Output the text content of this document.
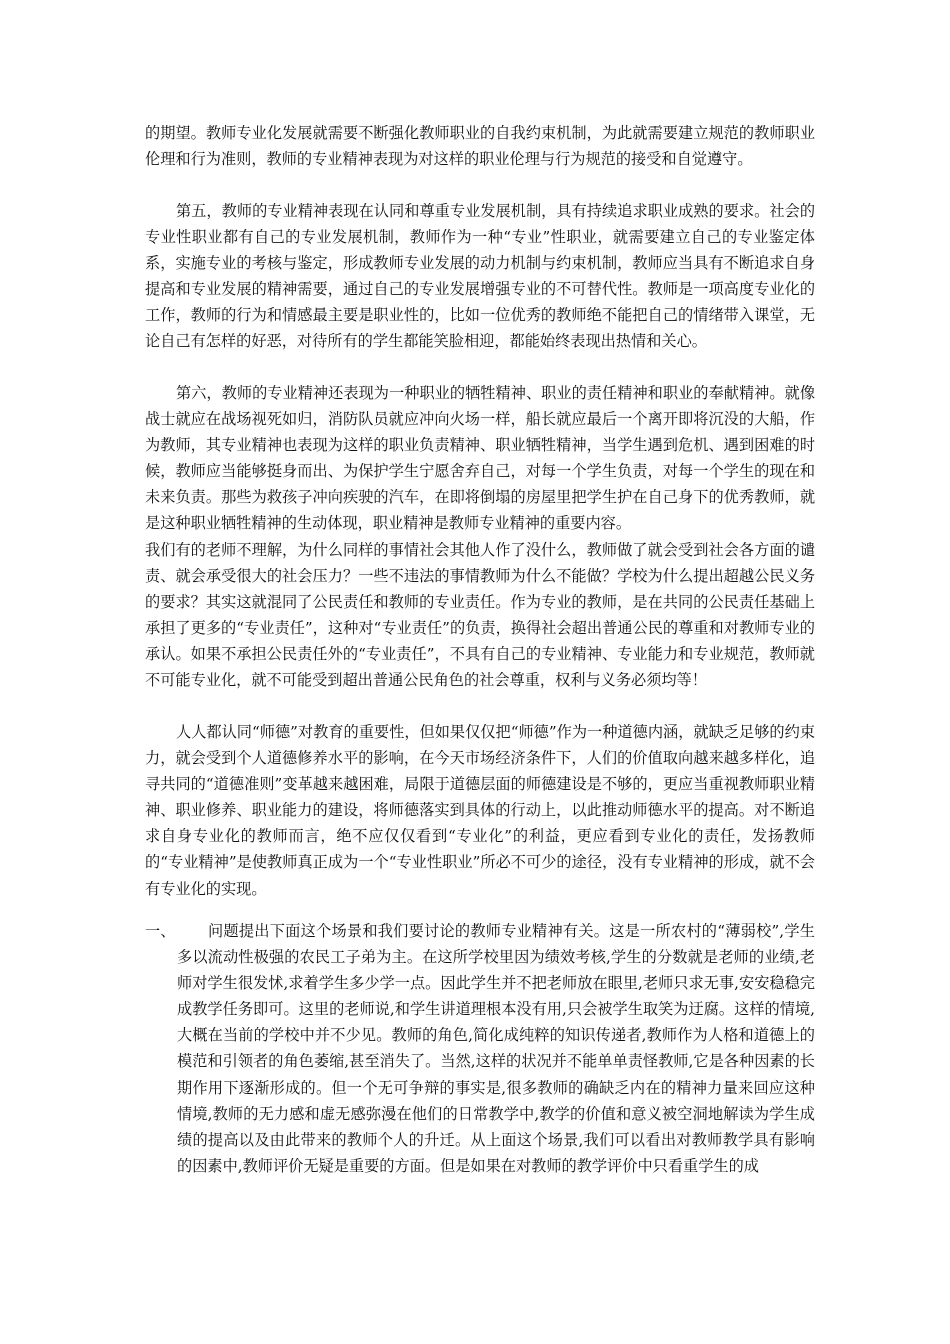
的期望。教师专业化发展就需要不断强化教师职业的自我约束机制，为此就需要建立规范的教师职业伦理和行为准则，教师的专业精神表现为对这样的职业伦理与行为规范的接受和自觉遵守。

第五，教师的专业精神表现在认同和尊重专业发展机制，具有持续追求职业成熟的要求。社会的专业性职业都有自己的专业发展机制，教师作为一种“专业”性职业，就需要建立自己的专业鉴定体系，实施专业的考核与鉴定，形成教师专业发展的动力机制与约束机制，教师应当具有不断追求自身提高和专业发展的精神需要，通过自己的专业发展增强专业的不可替代性。教师是一项高度专业化的工作，教师的行为和情感最主要是职业性的，比如一位优秀的教师绝不能把自己的情绪带入课堂，无论自己有怎样的好恶，对待所有的学生都能笑脸相迎，都能始终表现出热情和关心。

第六，教师的专业精神还表现为一种职业的牺牲精神、职业的责任精神和职业的奉献精神。就像战士就应在战场视死如归，消防队员就应冲向火场一样，船长就应最后一个离开即将沉没的大船，作为教师，其专业精神也表现为这样的职业负责精神、职业牺牲精神，当学生遇到危机、遇到困难的时候，教师应当能够挺身而出、为保护学生宁愿舍弃自己，对每一个学生负责，对每一个学生的现在和未来负责。那些为救孩子冲向疾驶的汽车，在即将倒塌的房屋里把学生护在自己身下的优秀教师，就是这种职业牺牲精神的生动体现，职业精神是教师专业精神的重要内容。

我们有的老师不理解，为什么同样的事情社会其他人作了没什么，教师做了就会受到社会各方面的谴责、就会承受很大的社会压力？一些不违法的事情教师为什么不能做？学校为什么提出超越公民义务的要求？其实这就混同了公民责任和教师的专业责任。作为专业的教师，是在共同的公民责任基础上承担了更多的“专业责任”，这种对“专业责任”的负责，换得社会超出普通公民的尊重和对教师专业的承认。如果不承担公民责任外的“专业责任”，不具有自己的专业精神、专业能力和专业规范，教师就不可能专业化，就不可能受到超出普通公民角色的社会尊重，权利与义务必须均等！

人人都认同“师德”对教育的重要性，但如果仅仅把“师德”作为一种道德内涵，就缺乏足够的约束力，就会受到个人道德修养水平的影响，在今天市场经济条件下，人们的价值取向越来越多样化，追寻共同的“道德准则”变革越来越困难，局限于道德层面的师德建设是不够的，更应当重视教师职业精神、职业修养、职业能力的建设，将师德落实到具体的行动上，以此推动师德水平的提高。对不断追求自身专业化的教师而言，绝不应仅仅看到“专业化”的利益，更应看到专业化的责任，发扬教师的“专业精神”是使教师真正成为一个“专业性职业”所必不可少的途径，没有专业精神的形成，就不会有专业化的实现。

一、	问题提出下面这个场景和我们要讨论的教师专业精神有关。这是一所农村的“薄弱校”,学生多以流动性极强的农民工子弟为主。在这所学校里因为绩效考核,学生的分数就是老师的业绩,老师对学生很发怵,求着学生多少学一点。因此学生并不把老师放在眼里,老师只求无事,安安稳稳完成教学任务即可。这里的老师说,和学生讲道理根本没有用,只会被学生取笑为迂腐。这样的情境,大概在当前的学校中并不少见。教师的角色,简化成纯粹的知识传递者,教师作为人格和道德上的模范和引领者的角色萎缩,甚至消失了。当然,这样的状况并不能单单责怪教师,它是各种因素的长期作用下逐渐形成的。但一个无可争辩的事实是,很多教师的确缺乏内在的精神力量来回应这种情境,教师的无力感和虚无感弥漫在他们的日常教学中,教学的价值和意义被空洞地解读为学生成绩的提高以及由此带来的教师个人的升迁。从上面这个场景,我们可以看出对教师教学具有影响的因素中,教师评价无疑是重要的方面。但是如果在对教师的教学评价中只看重学生的成
